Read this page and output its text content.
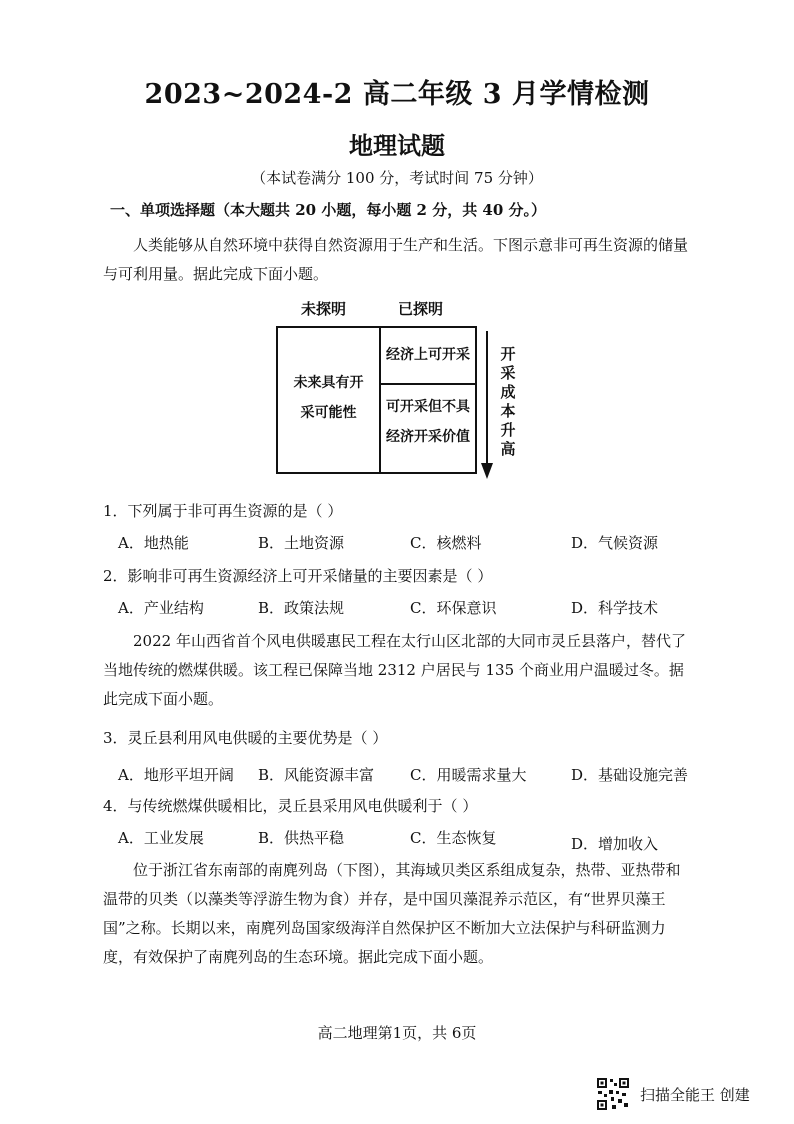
2023~2024-2 高二年级 3 月学情检测
地理试题
（本试卷满分 100 分，考试时间 75 分钟）
一、单项选择题（本大题共 20 小题，每小题 2 分，共 40 分。）
人类能够从自然环境中获得自然资源用于生产和生活。下图示意非可再生资源的储量与可利用量。据此完成下面小题。
未探明	已探明
未来具有开
采可能性
经济上可开采
可开采但不具
经济开采价值
开采成本升高
1．下列属于非可再生资源的是（ ）
A．地热能	B．土地资源	C．核燃料	D．气候资源
2．影响非可再生资源经济上可开采储量的主要因素是（ ）
A．产业结构	B．政策法规	C．环保意识	D．科学技术
2022 年山西省首个风电供暖惠民工程在太行山区北部的大同市灵丘县落户，替代了当地传统的燃煤供暖。该工程已保障当地 2312 户居民与 135 个商业用户温暖过冬。据此完成下面小题。
3．灵丘县利用风电供暖的主要优势是（ ）
A．地形平坦开阔 B．风能资源丰富 C．用暖需求量大	D．基础设施完善
4．与传统燃煤供暖相比，灵丘县采用风电供暖利于（ ）
A．工业发展	B．供热平稳	C．生态恢复	D．增加收入
位于浙江省东南部的南麂列岛（下图），其海域贝类区系组成复杂，热带、亚热带和温带的贝类（以藻类等浮游生物为食）并存，是中国贝藻混养示范区，有“世界贝藻王国”之称。长期以来，南麂列岛国家级海洋自然保护区不断加大立法保护与科研监测力度，有效保护了南麂列岛的生态环境。据此完成下面小题。
高二地理第1页，共 6页
扫描全能王 创建
